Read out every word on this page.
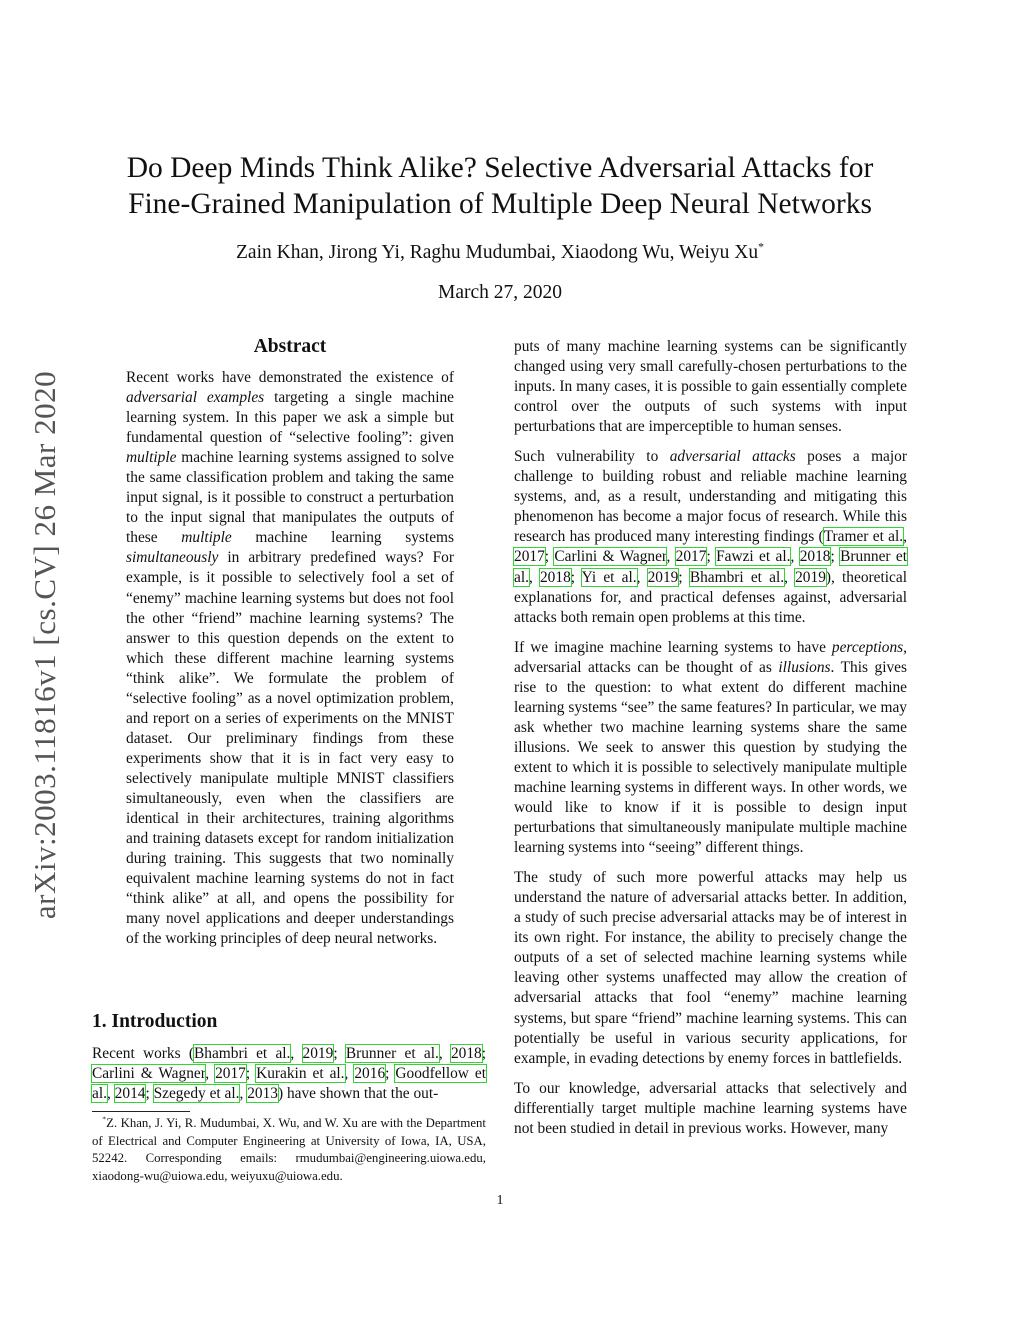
arXiv:2003.11816v1 [cs.CV] 26 Mar 2020
Do Deep Minds Think Alike? Selective Adversarial Attacks for
Fine-Grained Manipulation of Multiple Deep Neural Networks
Zain Khan, Jirong Yi, Raghu Mudumbai, Xiaodong Wu, Weiyu Xu*
March 27, 2020
Abstract

Recent works have demonstrated the existence of adversarial examples targeting a single machine learning system. In this paper we ask a simple but fundamental question of “selective fooling”: given multiple machine learning systems assigned to solve the same classification problem and taking the same input signal, is it possible to construct a perturbation to the input signal that manipulates the outputs of these multiple machine learning systems simultaneously in arbitrary predefined ways? For example, is it possible to selectively fool a set of “enemy” machine learning systems but does not fool the other “friend” machine learning systems? The answer to this question depends on the extent to which these different machine learning systems “think alike”. We formulate the problem of “selective fooling” as a novel optimization problem, and report on a series of experiments on the MNIST dataset. Our preliminary findings from these experiments show that it is in fact very easy to selectively manipulate multiple MNIST classifiers simultaneously, even when the classifiers are identical in their architectures, training algorithms and training datasets except for random initialization during training. This suggests that two nominally equivalent machine learning systems do not in fact “think alike” at all, and opens the possibility for many novel applications and deeper understandings of the working principles of deep neural networks.

1. Introduction

Recent works (Bhambri et al., 2019; Brunner et al., 2018; Carlini & Wagner, 2017; Kurakin et al., 2016; Goodfellow et al., 2014; Szegedy et al., 2013) have shown that the out-

*Z. Khan, J. Yi, R. Mudumbai, X. Wu, and W. Xu are with the Department of Electrical and Computer Engineering at University of Iowa, IA, USA, 52242. Corresponding emails: rmudumbai@engineering.uiowa.edu, xiaodong-wu@uiowa.edu, weiyuxu@uiowa.edu.

1

puts of many machine learning systems can be significantly changed using very small carefully-chosen perturbations to the inputs. In many cases, it is possible to gain essentially complete control over the outputs of such systems with input perturbations that are imperceptible to human senses.

Such vulnerability to adversarial attacks poses a major challenge to building robust and reliable machine learning systems, and, as a result, understanding and mitigating this phenomenon has become a major focus of research. While this research has produced many interesting findings (Tramer et al., 2017; Carlini & Wagner, 2017; Fawzi et al., 2018; Brunner et al., 2018; Yi et al., 2019; Bhambri et al., 2019), theoretical explanations for, and practical defenses against, adversarial attacks both remain open problems at this time.

If we imagine machine learning systems to have perceptions, adversarial attacks can be thought of as illusions. This gives rise to the question: to what extent do different machine learning systems “see” the same features? In particular, we may ask whether two machine learning systems share the same illusions. We seek to answer this question by studying the extent to which it is possible to selectively manipulate multiple machine learning systems in different ways. In other words, we would like to know if it is possible to design input perturbations that simultaneously manipulate multiple machine learning systems into “seeing” different things.

The study of such more powerful attacks may help us understand the nature of adversarial attacks better. In addition, a study of such precise adversarial attacks may be of interest in its own right. For instance, the ability to precisely change the outputs of a set of selected machine learning systems while leaving other systems unaffected may allow the creation of adversarial attacks that fool “enemy” machine learning systems, but spare “friend” machine learning systems. This can potentially be useful in various security applications, for example, in evading detections by enemy forces in battlefields.

To our knowledge, adversarial attacks that selectively and differentially target multiple machine learning systems have not been studied in detail in previous works. However, many
